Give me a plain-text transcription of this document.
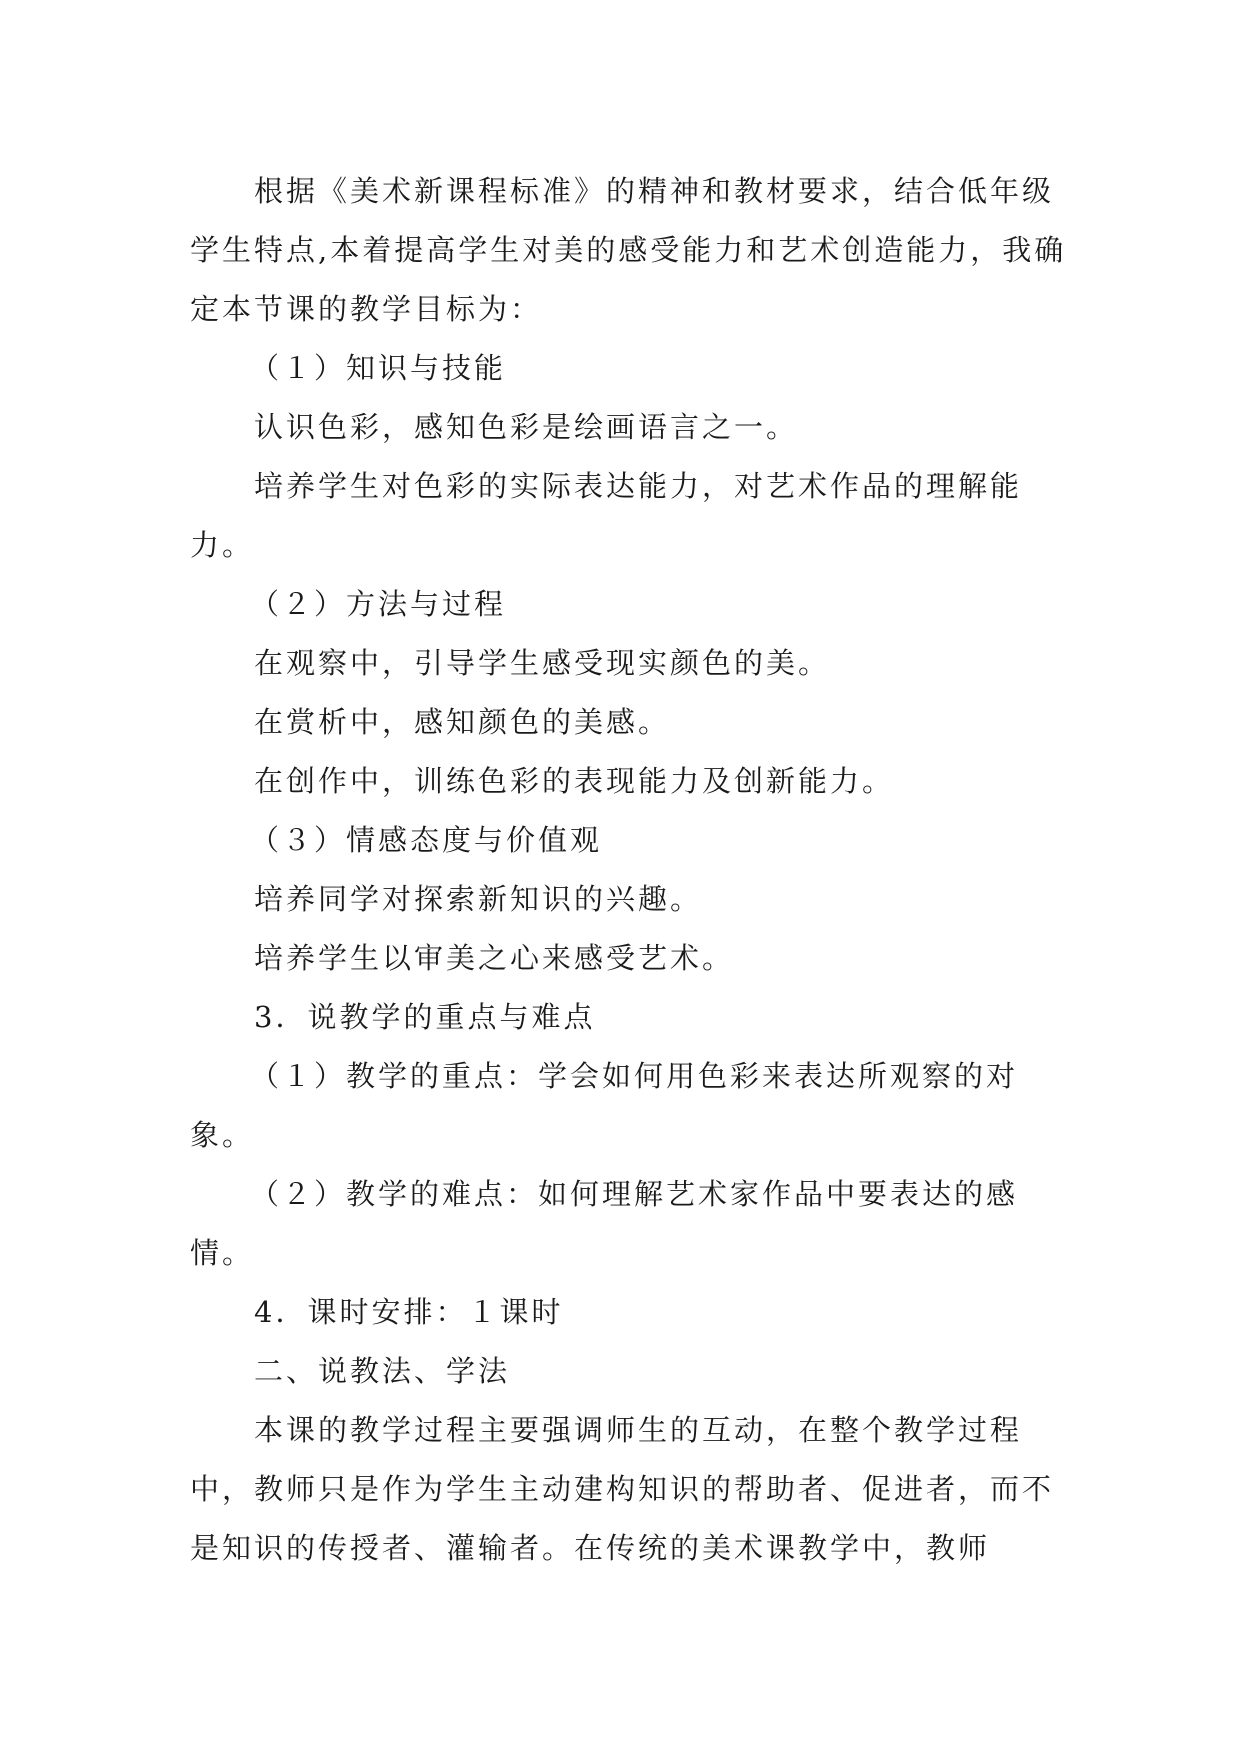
根据《美术新课程标准》的精神和教材要求，结合低年级学生特点,本着提高学生对美的感受能力和艺术创造能力，我确定本节课的教学目标为：

（１）知识与技能

认识色彩，感知色彩是绘画语言之一。

培养学生对色彩的实际表达能力，对艺术作品的理解能力。

（２）方法与过程

在观察中，引导学生感受现实颜色的美。

在赏析中，感知颜色的美感。

在创作中，训练色彩的表现能力及创新能力。

（３）情感态度与价值观

培养同学对探索新知识的兴趣。

培养学生以审美之心来感受艺术。

3．说教学的重点与难点

（１）教学的重点：学会如何用色彩来表达所观察的对象。

（２）教学的难点：如何理解艺术家作品中要表达的感情。

4．课时安排：１课时

二、说教法、学法

本课的教学过程主要强调师生的互动，在整个教学过程中，教师只是作为学生主动建构知识的帮助者、促进者，而不是知识的传授者、灌输者。在传统的美术课教学中，教师
